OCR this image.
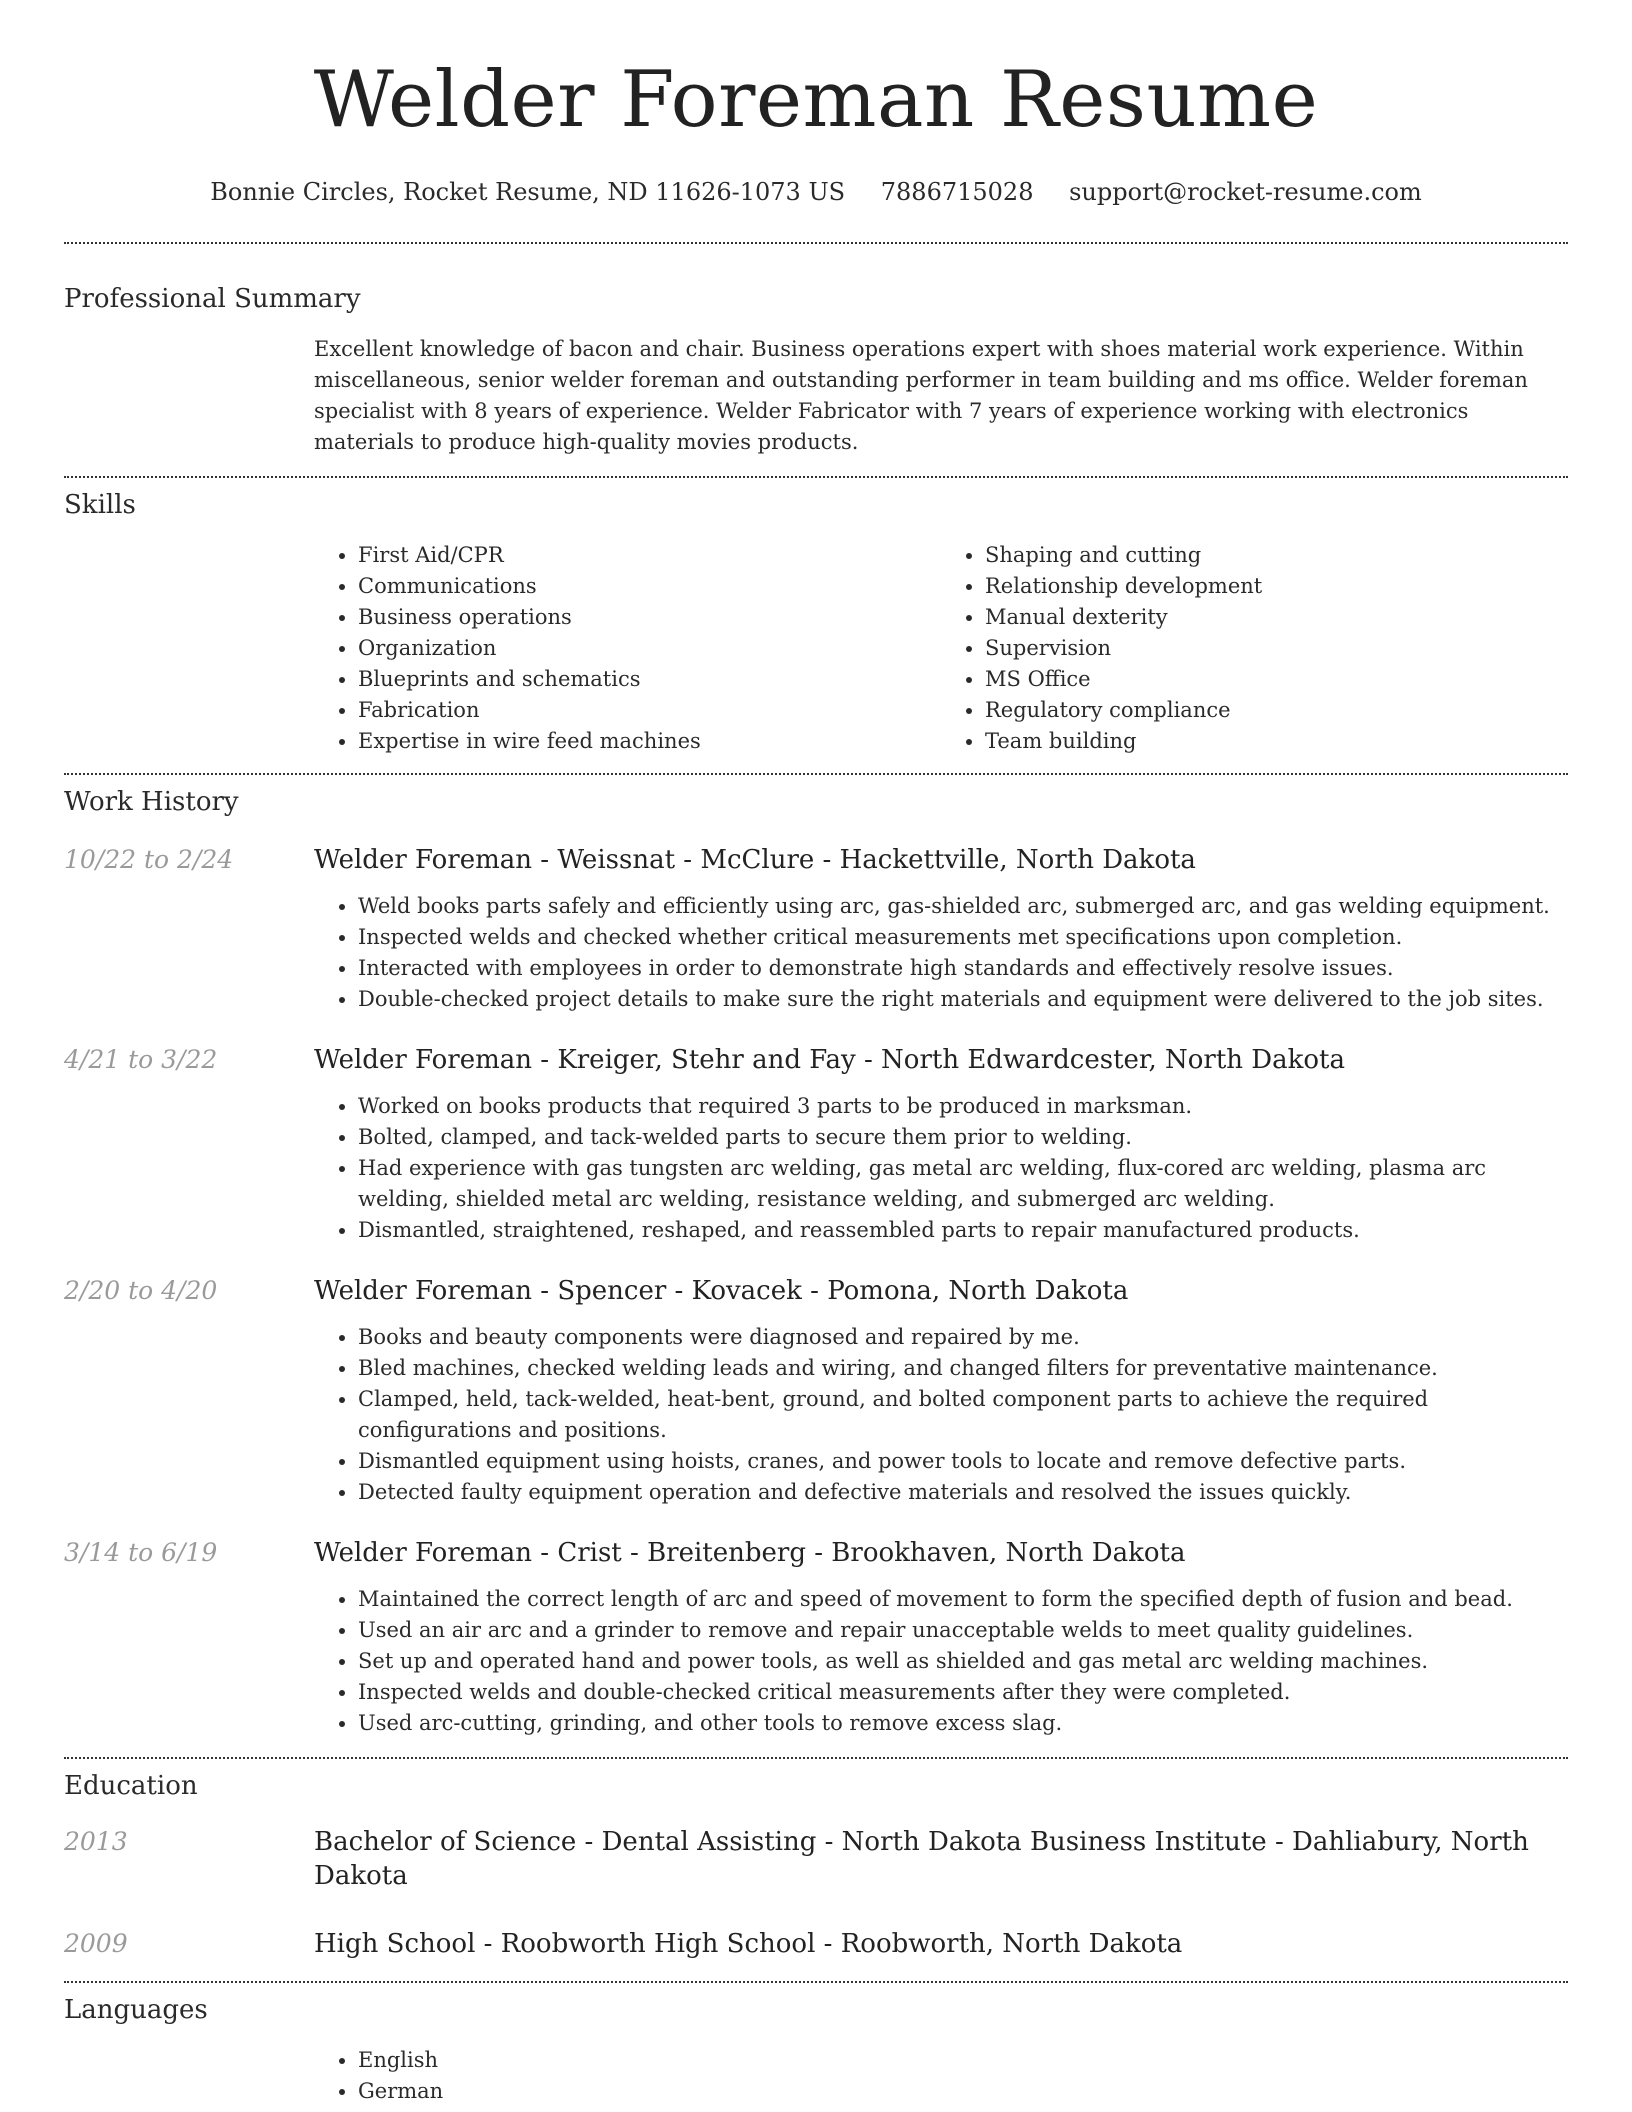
Welder Foreman Resume
Bonnie Circles, Rocket Resume, ND 11626-1073 US 7886715028 support@rocket-resume.com
Professional Summary
Excellent knowledge of bacon and chair. Business operations expert with shoes material work experience. Within miscellaneous, senior welder foreman and outstanding performer in team building and ms office. Welder foreman specialist with 8 years of experience. Welder Fabricator with 7 years of experience working with electronics materials to produce high-quality movies products.
Skills
• First Aid/CPR
• Communications
• Business operations
• Organization
• Blueprints and schematics
• Fabrication
• Expertise in wire feed machines
• Shaping and cutting
• Relationship development
• Manual dexterity
• Supervision
• MS Office
• Regulatory compliance
• Team building
Work History
10/22 to 2/24	Welder Foreman - Weissnat - McClure - Hackettville, North Dakota
• Weld books parts safely and efficiently using arc, gas-shielded arc, submerged arc, and gas welding equipment.
• Inspected welds and checked whether critical measurements met specifications upon completion.
• Interacted with employees in order to demonstrate high standards and effectively resolve issues.
• Double-checked project details to make sure the right materials and equipment were delivered to the job sites.
4/21 to 3/22	Welder Foreman - Kreiger, Stehr and Fay - North Edwardcester, North Dakota
• Worked on books products that required 3 parts to be produced in marksman.
• Bolted, clamped, and tack-welded parts to secure them prior to welding.
• Had experience with gas tungsten arc welding, gas metal arc welding, flux-cored arc welding, plasma arc welding, shielded metal arc welding, resistance welding, and submerged arc welding.
• Dismantled, straightened, reshaped, and reassembled parts to repair manufactured products.
2/20 to 4/20	Welder Foreman - Spencer - Kovacek - Pomona, North Dakota
• Books and beauty components were diagnosed and repaired by me.
• Bled machines, checked welding leads and wiring, and changed filters for preventative maintenance.
• Clamped, held, tack-welded, heat-bent, ground, and bolted component parts to achieve the required configurations and positions.
• Dismantled equipment using hoists, cranes, and power tools to locate and remove defective parts.
• Detected faulty equipment operation and defective materials and resolved the issues quickly.
3/14 to 6/19	Welder Foreman - Crist - Breitenberg - Brookhaven, North Dakota
• Maintained the correct length of arc and speed of movement to form the specified depth of fusion and bead.
• Used an air arc and a grinder to remove and repair unacceptable welds to meet quality guidelines.
• Set up and operated hand and power tools, as well as shielded and gas metal arc welding machines.
• Inspected welds and double-checked critical measurements after they were completed.
• Used arc-cutting, grinding, and other tools to remove excess slag.
Education
2013	Bachelor of Science - Dental Assisting - North Dakota Business Institute - Dahliabury, North Dakota
2009	High School - Roobworth High School - Roobworth, North Dakota
Languages
• English
• German
